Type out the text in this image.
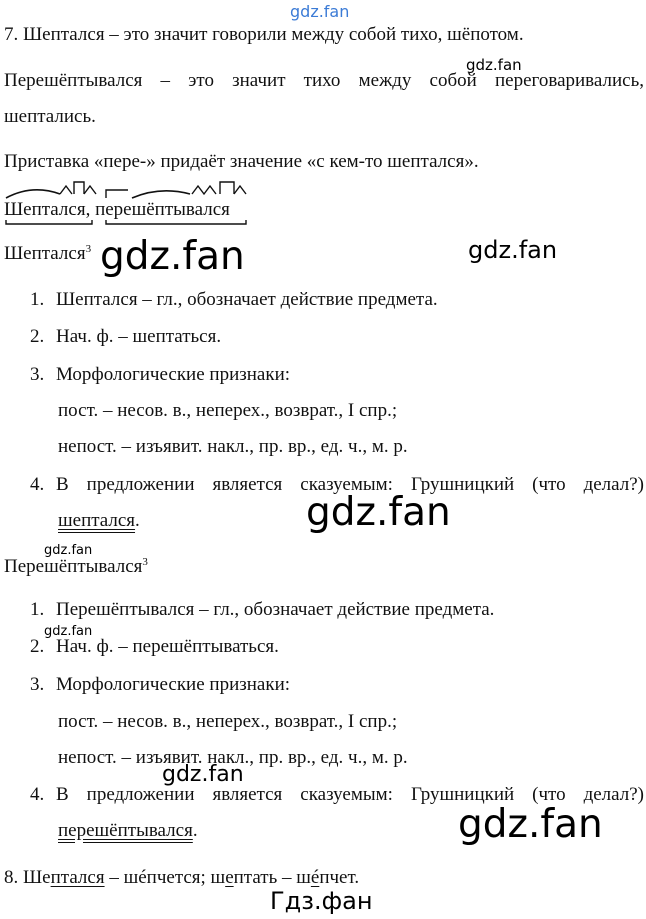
gdz.fan
7. Шептался – это значит говорили между собой тихо, шёпотом.
Перешёптывался – это значит тихо между собой переговаривались,
gdz.fan
шептались.
Приставка «пере-» придаёт значение «с кем-то шептался».
Шептался, перешёптывался
Шептался$^3$ gdz.fan	gdz.fan
1. Шептался – гл., обозначает действие предмета.
2. Нач. ф. – шептаться.
3. Морфологические признаки:
пост. – несов. в., неперех., возврат., I спр.;
непост. – изъявит. накл., пр. вр., ед. ч., м. р.
4. В предложении является сказуемым: Грушницкий (что делал?)
шептался.	gdz.fan
gdz.fan
Перешёптывался$^3$
1. Перешёптывался – гл., обозначает действие предмета.
gdz.fan
2. Нач. ф. – перешёптываться.
3. Морфологические признаки:
пост. – несов. в., неперех., возврат., I спр.;
непост. – изъявит. накл., пр. вр., ед. ч., м. р.
gdz.fan
4. В предложении является сказуемым: Грушницкий (что делал?)
перешёптывался.	gdz.fan
8. Шептался – шéпчется; шептать – шéпчет.
Гдз.фан
